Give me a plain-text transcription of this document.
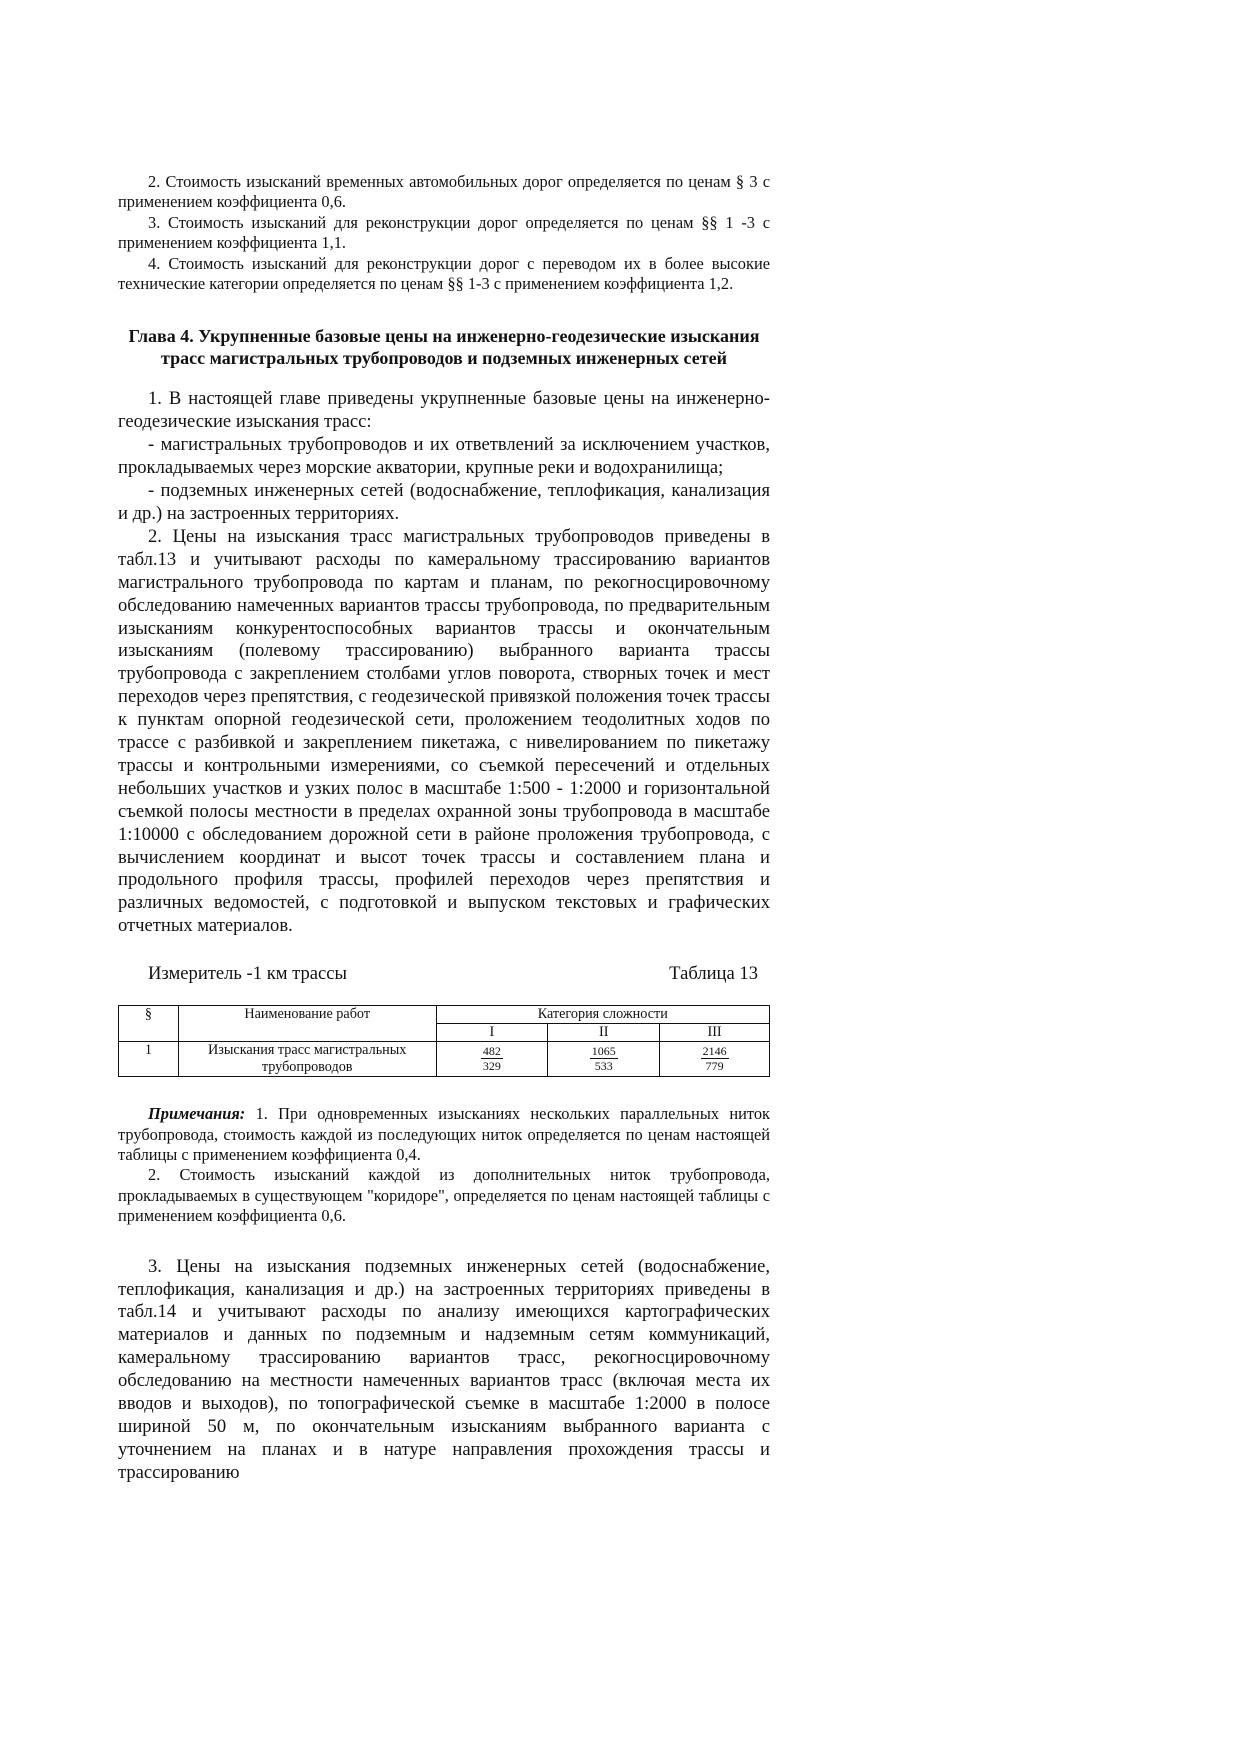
2. Стоимость изысканий временных автомобильных дорог определяется по ценам § 3 с применением коэффициента 0,6.

3. Стоимость изысканий для реконструкции дорог определяется по ценам §§ 1 -3 с применением коэффициента 1,1.

4. Стоимость изысканий для реконструкции дорог с переводом их в более высокие технические категории определяется по ценам §§ 1-3 с применением коэффициента 1,2.

Глава 4. Укрупненные базовые цены на инженерно-геодезические изыскания трасс магистральных трубопроводов и подземных инженерных сетей

1. В настоящей главе приведены укрупненные базовые цены на инженерно-геодезические изыскания трасс:

- магистральных трубопроводов и их ответвлений за исключением участков, прокладываемых через морские акватории, крупные реки и водохранилища;

- подземных инженерных сетей (водоснабжение, теплофикация, канализация и др.) на застроенных территориях.

2. Цены на изыскания трасс магистральных трубопроводов приведены в табл.13 и учитывают расходы по камеральному трассированию вариантов магистрального трубопровода по картам и планам, по рекогносцировочному обследованию намеченных вариантов трассы трубопровода, по предварительным изысканиям конкурентоспособных вариантов трассы и окончательным изысканиям (полевому трассированию) выбранного варианта трассы трубопровода с закреплением столбами углов поворота, створных точек и мест переходов через препятствия, с геодезической привязкой положения точек трассы к пунктам опорной геодезической сети, проложением теодолитных ходов по трассе с разбивкой и закреплением пикетажа, с нивелированием по пикетажу трассы и контрольными измерениями, со съемкой пересечений и отдельных небольших участков и узких полос в масштабе 1:500 - 1:2000 и горизонтальной съемкой полосы местности в пределах охранной зоны трубопровода в масштабе 1:10000 с обследованием дорожной сети в районе проложения трубопровода, с вычислением координат и высот точек трассы и составлением плана и продольного профиля трассы, профилей переходов через препятствия и различных ведомостей, с подготовкой и выпуском текстовых и графических отчетных материалов.

Измеритель -1 км трассы	Таблица 13
§	Наименование работ	Категория сложности		
		I	II	III
1	Изыскания трасс магистральных трубопроводов	$\frac{482}{329}$	$\frac{1065}{533}$	$\frac{2146}{779}$

Примечания: 1. При одновременных изысканиях нескольких параллельных ниток трубопровода, стоимость каждой из последующих ниток определяется по ценам настоящей таблицы с применением коэффициента 0,4.

2. Стоимость изысканий каждой из дополнительных ниток трубопровода, прокладываемых в существующем "коридоре", определяется по ценам настоящей таблицы с применением коэффициента 0,6.

3. Цены на изыскания подземных инженерных сетей (водоснабжение, теплофикация, канализация и др.) на застроенных территориях приведены в табл.14 и учитывают расходы по анализу имеющихся картографических материалов и данных по подземным и надземным сетям коммуникаций, камеральному трассированию вариантов трасс, рекогносцировочному обследованию на местности намеченных вариантов трасс (включая места их вводов и выходов), по топографической съемке в масштабе 1:2000 в полосе шириной 50 м, по окончательным изысканиям выбранного варианта с уточнением на планах и в натуре направления прохождения трассы и трассированию
